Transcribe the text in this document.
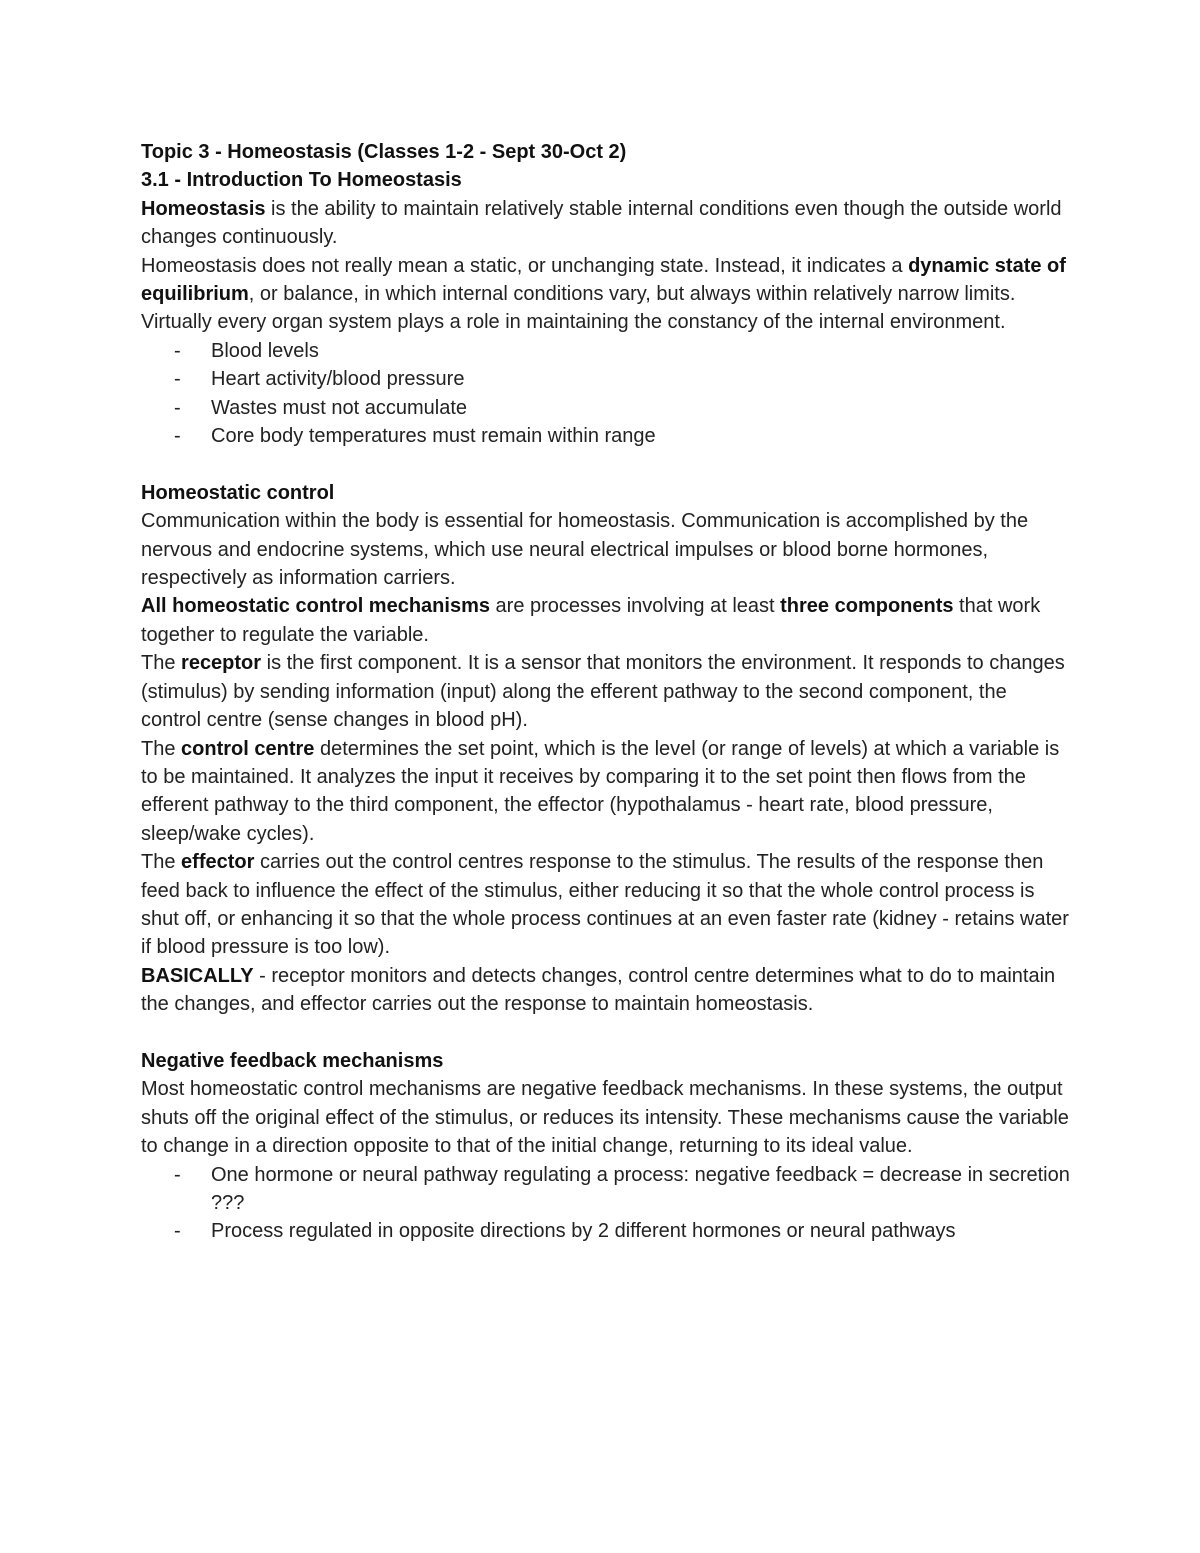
Topic 3 - Homeostasis (Classes 1-2 - Sept 30-Oct 2)

3.1 - Introduction To Homeostasis

Homeostasis is the ability to maintain relatively stable internal conditions even though the outside world changes continuously.

Homeostasis does not really mean a static, or unchanging state. Instead, it indicates a dynamic state of equilibrium, or balance, in which internal conditions vary, but always within relatively narrow limits.

Virtually every organ system plays a role in maintaining the constancy of the internal environment.

- Blood levels
- Heart activity/blood pressure
- Wastes must not accumulate
- Core body temperatures must remain within range

Homeostatic control

Communication within the body is essential for homeostasis. Communication is accomplished by the nervous and endocrine systems, which use neural electrical impulses or blood borne hormones, respectively as information carriers.

All homeostatic control mechanisms are processes involving at least three components that work together to regulate the variable.

The receptor is the first component. It is a sensor that monitors the environment. It responds to changes (stimulus) by sending information (input) along the efferent pathway to the second component, the control centre (sense changes in blood pH).

The control centre determines the set point, which is the level (or range of levels) at which a variable is to be maintained. It analyzes the input it receives by comparing it to the set point then flows from the efferent pathway to the third component, the effector (hypothalamus - heart rate, blood pressure, sleep/wake cycles).

The effector carries out the control centres response to the stimulus. The results of the response then feed back to influence the effect of the stimulus, either reducing it so that the whole control process is shut off, or enhancing it so that the whole process continues at an even faster rate (kidney - retains water if blood pressure is too low).

BASICALLY - receptor monitors and detects changes, control centre determines what to do to maintain the changes, and effector carries out the response to maintain homeostasis.

Negative feedback mechanisms

Most homeostatic control mechanisms are negative feedback mechanisms. In these systems, the output shuts off the original effect of the stimulus, or reduces its intensity. These mechanisms cause the variable to change in a direction opposite to that of the initial change, returning to its ideal value.

- One hormone or neural pathway regulating a process: negative feedback = decrease in secretion ???
- Process regulated in opposite directions by 2 different hormones or neural pathways
